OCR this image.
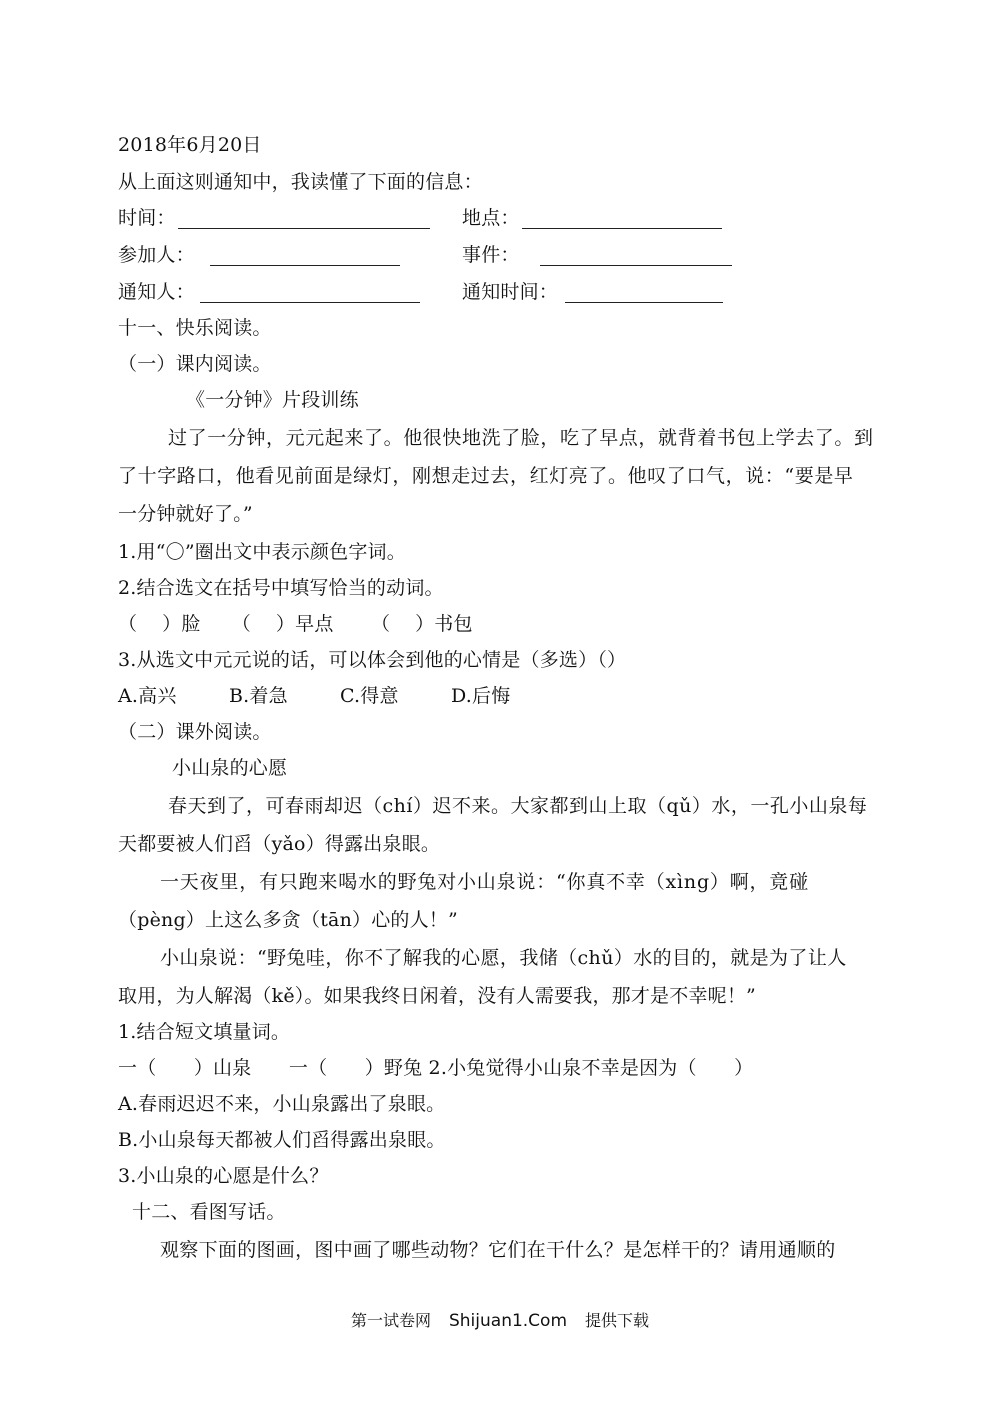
2018年6月20日
从上面这则通知中，我读懂了下面的信息：
时间：	地点：
参加人：	事件：
通知人：	通知时间：
十一、快乐阅读。
（一）课内阅读。
《一分钟》片段训练
过了一分钟，元元起来了。他很快地洗了脸，吃了早点，就背着书包上学去了。到
了十字路口，他看见前面是绿灯，刚想走过去，红灯亮了。他叹了口气，说：“要是早
一分钟就好了。”
1.用“〇”圈出文中表示颜色字词。
2.结合选文在括号中填写恰当的动词。
（    ）脸     （    ）早点      （    ）书包
3.从选文中元元说的话，可以体会到他的心情是（多选）（）
A.高兴	B.着急	C.得意	D.后悔
（二）课外阅读。
小山泉的心愿
春天到了，可春雨却迟（chí）迟不来。大家都到山上取（qǔ）水，一孔小山泉每
天都要被人们舀（yǎo）得露出泉眼。
一天夜里，有只跑来喝水的野兔对小山泉说：“你真不幸（xìng）啊，竟碰
（pèng）上这么多贪（tān）心的人！”
小山泉说：“野兔哇，你不了解我的心愿，我储（chǔ）水的目的，就是为了让人
取用，为人解渴（kě）。如果我终日闲着，没有人需要我，那才是不幸呢！”
1.结合短文填量词。
一（      ）山泉      一（      ）野兔 2.小兔觉得小山泉不幸是因为（      ）
A.春雨迟迟不来，小山泉露出了泉眼。
B.小山泉每天都被人们舀得露出泉眼。
3.小山泉的心愿是什么？
十二、看图写话。
观察下面的图画，图中画了哪些动物？它们在干什么？是怎样干的？请用通顺的
第一试卷网 Shijuan1.Com 提供下载
